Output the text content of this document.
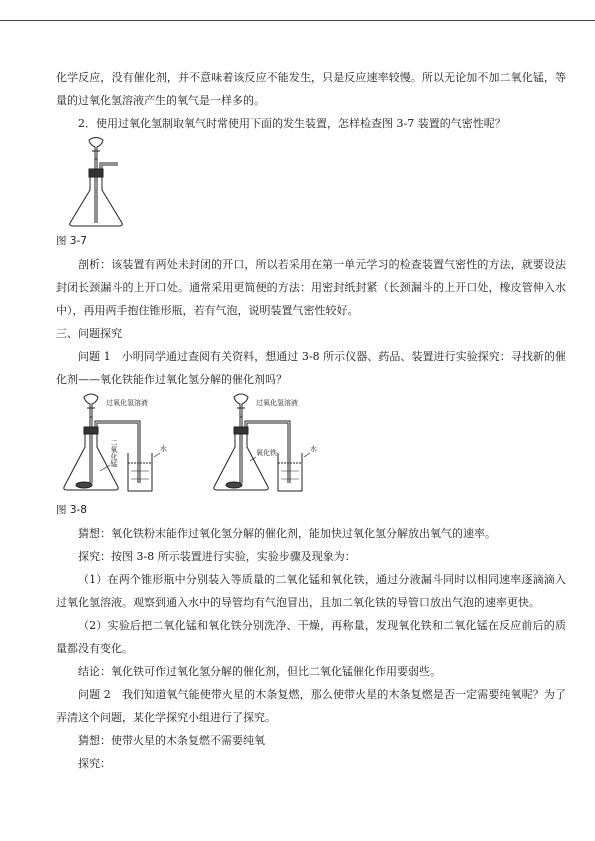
化学反应，没有催化剂，并不意味着该反应不能发生，只是反应速率较慢。所以无论加不加二氧化锰，等量的过氧化氢溶液产生的氧气是一样多的。

2．使用过氧化氢制取氧气时常使用下面的发生装置，怎样检查图 3-7 装置的气密性呢？

图 3-7

剖析：该装置有两处未封闭的开口，所以若采用在第一单元学习的检查装置气密性的方法，就要设法封闭长颈漏斗的上开口处。通常采用更简便的方法：用密封纸封紧（长颈漏斗的上开口处，橡皮管伸入水中），再用两手抱住锥形瓶，若有气泡，说明装置气密性较好。

三、问题探究

问题 1　小明同学通过查阅有关资料，想通过 3-8 所示仪器、药品、装置进行实验探究：寻找新的催化剂——氧化铁能作过氧化氢分解的催化剂吗？

过氧化氢溶液
二氧化锰	水
过氧化氢溶液
氧化铁	水

图 3-8

猜想：氧化铁粉末能作过氧化氢分解的催化剂，能加快过氧化氢分解放出氧气的速率。

探究：按图 3-8 所示装置进行实验，实验步骤及现象为：

（1）在两个锥形瓶中分别装入等质量的二氧化锰和氧化铁，通过分液漏斗同时以相同速率逐滴滴入过氧化氢溶液。观察到通入水中的导管均有气泡冒出，且加二氧化铁的导管口放出气泡的速率更快。

（2）实验后把二氧化锰和氧化铁分别洗净、干燥，再称量，发现氧化铁和二氧化锰在反应前后的质量都没有变化。

结论：氧化铁可作过氧化氢分解的催化剂，但比二氧化锰催化作用要弱些。

问题 2　我们知道氧气能使带火星的木条复燃，那么使带火星的木条复燃是否一定需要纯氧呢？为了弄清这个问题，某化学探究小组进行了探究。

猜想：使带火星的木条复燃不需要纯氧

探究：
